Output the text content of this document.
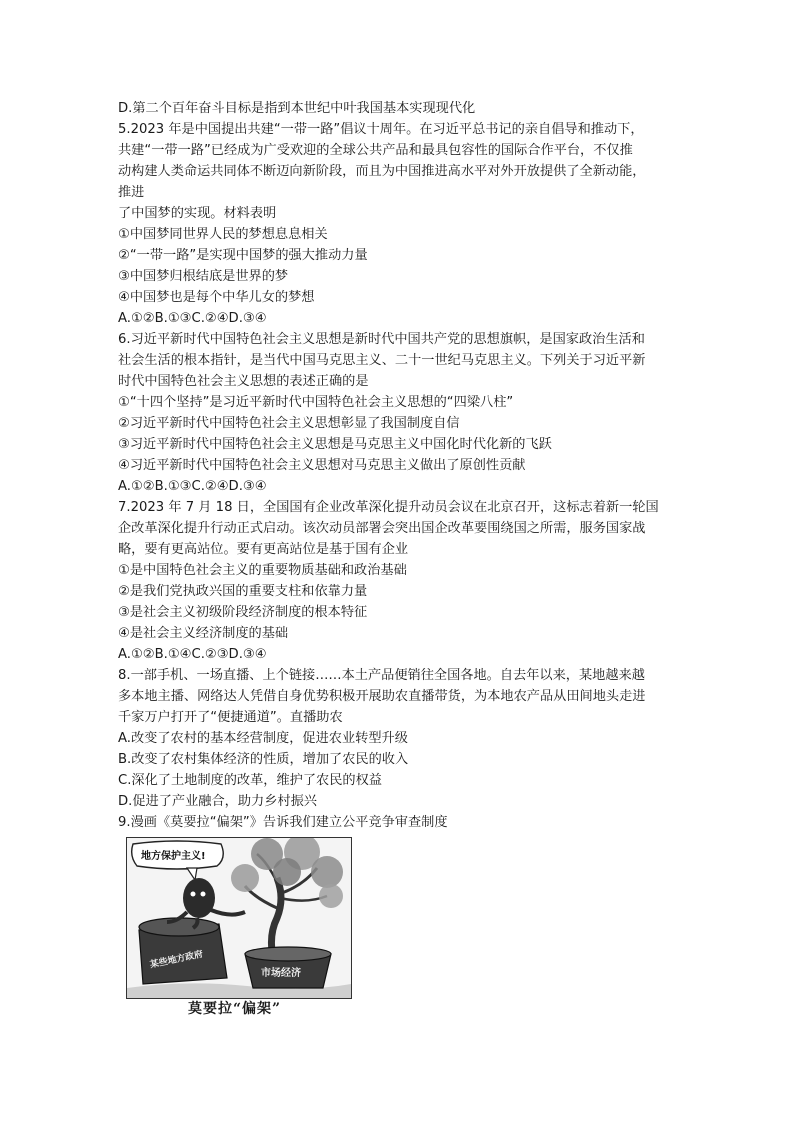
D.第二个百年奋斗目标是指到本世纪中叶我国基本实现现代化
5.2023 年是中国提出共建“一带一路”倡议十周年。在习近平总书记的亲自倡导和推动下，
共建“一带一路”已经成为广受欢迎的全球公共产品和最具包容性的国际合作平台，不仅推
动构建人类命运共同体不断迈向新阶段，而且为中国推进高水平对外开放提供了全新动能，
推进
了中国梦的实现。材料表明
①中国梦同世界人民的梦想息息相关
②“一带一路”是实现中国梦的强大推动力量
③中国梦归根结底是世界的梦
④中国梦也是每个中华儿女的梦想
A.①②B.①③C.②④D.③④
6.习近平新时代中国特色社会主义思想是新时代中国共产党的思想旗帜，是国家政治生活和
社会生活的根本指针，是当代中国马克思主义、二十一世纪马克思主义。下列关于习近平新
时代中国特色社会主义思想的表述正确的是
①“十四个坚持”是习近平新时代中国特色社会主义思想的“四梁八柱”
②习近平新时代中国特色社会主义思想彰显了我国制度自信
③习近平新时代中国特色社会主义思想是马克思主义中国化时代化新的飞跃
④习近平新时代中国特色社会主义思想对马克思主义做出了原创性贡献
A.①②B.①③C.②④D.③④
7.2023 年 7 月 18 日，全国国有企业改革深化提升动员会议在北京召开，这标志着新一轮国
企改革深化提升行动正式启动。该次动员部署会突出国企改革要围绕国之所需，服务国家战
略，要有更高站位。要有更高站位是基于国有企业
①是中国特色社会主义的重要物质基础和政治基础
②是我们党执政兴国的重要支柱和依靠力量
③是社会主义初级阶段经济制度的根本特征
④是社会主义经济制度的基础
A.①②B.①④C.②③D.③④
8.一部手机、一场直播、上个链接……本土产品便销往全国各地。自去年以来，某地越来越
多本地主播、网络达人凭借自身优势积极开展助农直播带货，为本地农产品从田间地头走进
千家万户打开了“便捷通道”。直播助农
A.改变了农村的基本经营制度，促进农业转型升级
B.改变了农村集体经济的性质，增加了农民的收入
C.深化了土地制度的改革，维护了农民的权益
D.促进了产业融合，助力乡村振兴
9.漫画《莫要拉“偏架”》告诉我们建立公平竞争审查制度
地方保护主义!
某些地方政府
市场经济
莫要拉“偏架”
